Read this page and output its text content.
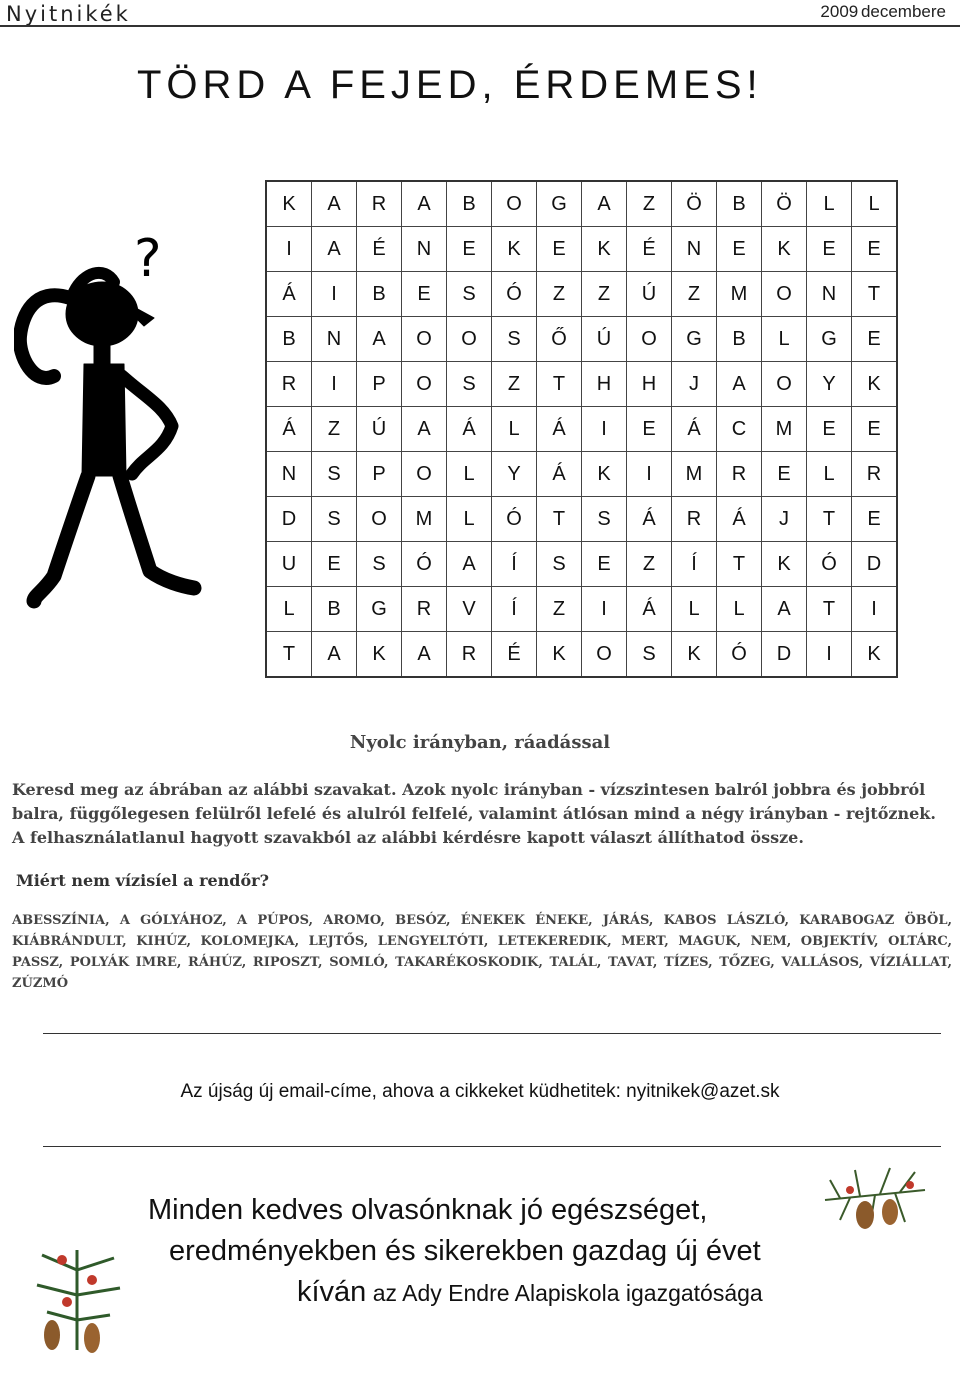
Nyitnikék	2009 decembere
TÖRD A FEJED, ÉRDEMES!
?
K	A	R	A	B	O	G	A	Z	Ö	B	Ö	L	L
I	A	É	N	E	K	E	K	É	N	E	K	E	E
Á	I	B	E	S	Ó	Z	Z	Ú	Z	M	O	N	T
B	N	A	O	O	S	Ő	Ú	O	G	B	L	G	E
R	I	P	O	S	Z	T	H	H	J	A	O	Y	K
Á	Z	Ú	A	Á	L	Á	I	E	Á	C	M	E	E
N	S	P	O	L	Y	Á	K	I	M	R	E	L	R
D	S	O	M	L	Ó	T	S	Á	R	Á	J	T	E
U	E	S	Ó	A	Í	S	E	Z	Í	T	K	Ó	D
L	B	G	R	V	Í	Z	I	Á	L	L	A	T	I
T	A	K	A	R	É	K	O	S	K	Ó	D	I	K
Nyolc irányban, ráadással

Keresd meg az ábrában az alábbi szavakat. Azok nyolc irányban - vízszintesen balról jobbra és jobbról balra, függőlegesen felülről lefelé és alulról felfelé, valamint átlósan mind a négy irányban - rejtőznek. A felhasználatlanul hagyott szavakból az alábbi kérdésre kapott választ állíthatod össze.

Miért nem vízisíel a rendőr?

ABESSZÍNIA, A GÓLYÁHOZ, A PÚPOS, AROMO, BESÓZ, ÉNEKEK ÉNEKE, JÁRÁS, KABOS LÁSZLÓ, KARABOGAZ ÖBÖL, KIÁBRÁNDULT, KIHÚZ, KOLOMEJKA, LEJTŐS, LENGYELTÓTI, LETEKEREDIK, MERT, MAGUK, NEM, OBJEKTÍV, OLTÁRC, PASSZ, POLYÁK IMRE, RÁHÚZ, RIPOSZT, SOMLÓ, TAKARÉKOSKODIK, TALÁL, TAVAT, TÍZES, TŐZEG, VALLÁSOS, VÍZIÁLLAT, ZÚZMÓ

Az újság új email-címe, ahova a cikkeket küdhetitek: nyitnikek@azet.sk
Minden kedves olvasónknak jó egészséget,
eredményekben és sikerekben gazdag új évet
kíván az Ady Endre Alapiskola igazgatósága
